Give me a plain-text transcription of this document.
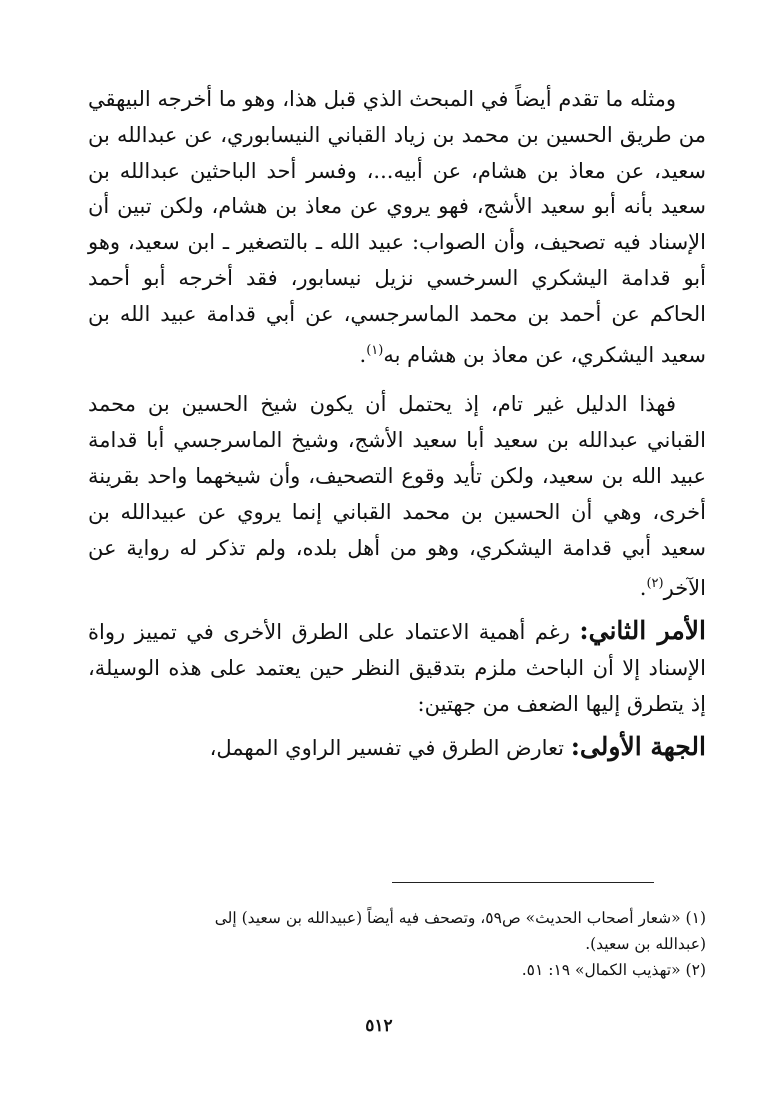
ومثله ما تقدم أيضاً في المبحث الذي قبل هذا، وهو ما أخرجه البيهقي من طريق الحسين بن محمد بن زياد القباني النيسابوري، عن عبدالله بن سعيد، عن معاذ بن هشام، عن أبيه...، وفسر أحد الباحثين عبدالله بن سعيد بأنه أبو سعيد الأشج، فهو يروي عن معاذ بن هشام، ولكن تبين أن الإسناد فيه تصحيف، وأن الصواب: عبيد الله ـ بالتصغير ـ ابن سعيد، وهو أبو قدامة اليشكري السرخسي نزيل نيسابور، فقد أخرجه أبو أحمد الحاكم عن أحمد بن محمد الماسرجسي، عن أبي قدامة عبيد الله بن سعيد اليشكري، عن معاذ بن هشام به$^{(١)}$.

فهذا الدليل غير تام، إذ يحتمل أن يكون شيخ الحسين بن محمد القباني عبدالله بن سعيد أبا سعيد الأشج، وشيخ الماسرجسي أبا قدامة عبيد الله بن سعيد، ولكن تأيد وقوع التصحيف، وأن شيخهما واحد بقرينة أخرى، وهي أن الحسين بن محمد القباني إنما يروي عن عبيدالله بن سعيد أبي قدامة اليشكري، وهو من أهل بلده، ولم تذكر له رواية عن الآخر$^{(٢)}$.

الأمر الثاني: رغم أهمية الاعتماد على الطرق الأخرى في تمييز رواة الإسناد إلا أن الباحث ملزم بتدقيق النظر حين يعتمد على هذه الوسيلة، إذ يتطرق إليها الضعف من جهتين:

الجهة الأولى: تعارض الطرق في تفسير الراوي المهمل،

(١) «شعار أصحاب الحديث» ص٥٩، وتصحف فيه أيضاً (عبيدالله بن سعيد) إلى
(عبدالله بن سعيد).
(٢) «تهذيب الكمال» ١٩: ٥١.
٥١٢
